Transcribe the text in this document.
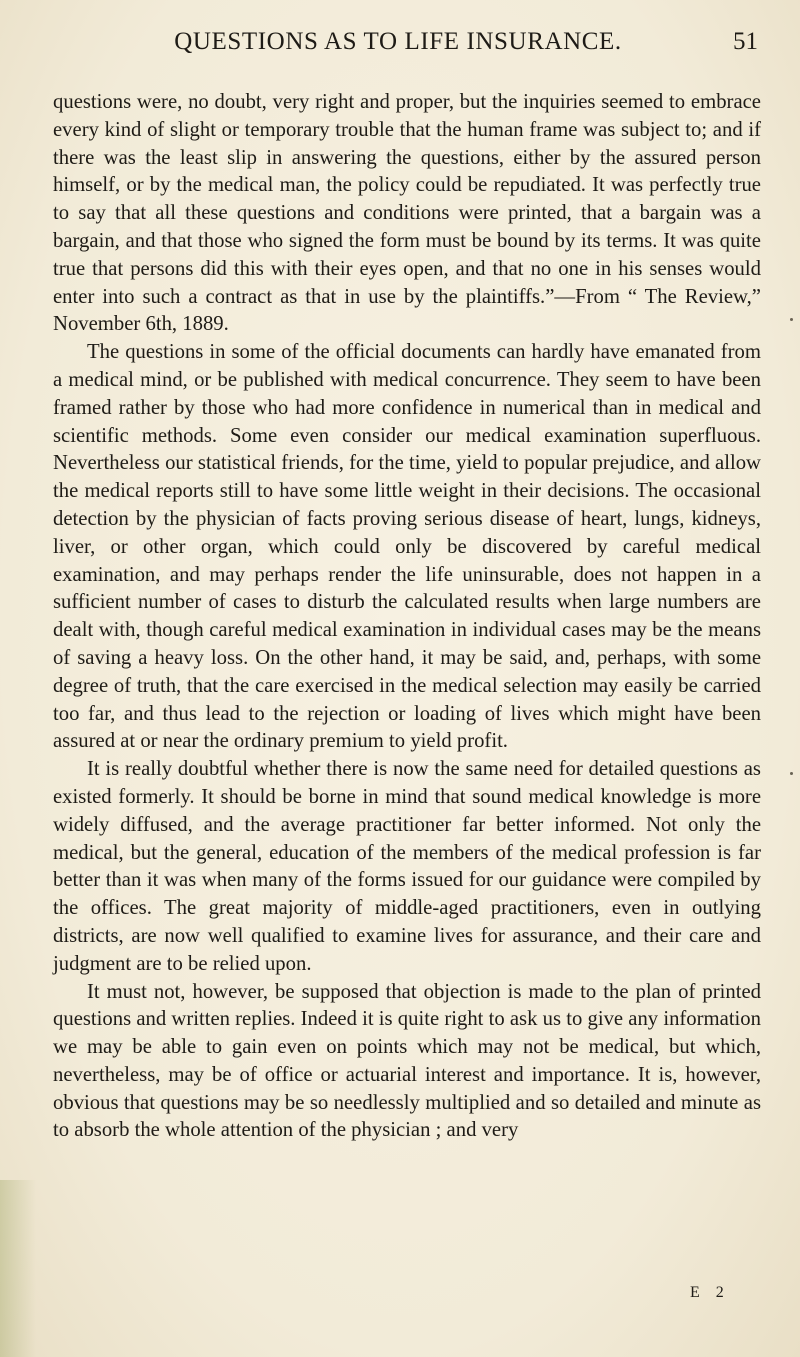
QUESTIONS AS TO LIFE INSURANCE.	51

questions were, no doubt, very right and proper, but the inquiries seemed to embrace every kind of slight or temporary trouble that the human frame was subject to; and if there was the least slip in answering the questions, either by the assured person himself, or by the medical man, the policy could be repudiated. It was perfectly true to say that all these questions and conditions were printed, that a bargain was a bargain, and that those who signed the form must be bound by its terms. It was quite true that persons did this with their eyes open, and that no one in his senses would enter into such a contract as that in use by the plaintiffs.”—From “ The Review,” November 6th, 1889.

The questions in some of the official documents can hardly have emanated from a medical mind, or be published with medical concurrence. They seem to have been framed rather by those who had more confidence in numerical than in medical and scientific methods. Some even consider our medical examination superfluous. Nevertheless our statistical friends, for the time, yield to popular prejudice, and allow the medical reports still to have some little weight in their decisions. The occasional detection by the physician of facts proving serious disease of heart, lungs, kidneys, liver, or other organ, which could only be discovered by careful medical examination, and may perhaps render the life uninsurable, does not happen in a sufficient number of cases to disturb the calculated results when large numbers are dealt with, though careful medical examination in individual cases may be the means of saving a heavy loss. On the other hand, it may be said, and, perhaps, with some degree of truth, that the care exercised in the medical selection may easily be carried too far, and thus lead to the rejection or loading of lives which might have been assured at or near the ordinary premium to yield profit.

It is really doubtful whether there is now the same need for detailed questions as existed formerly. It should be borne in mind that sound medical knowledge is more widely diffused, and the average practitioner far better informed. Not only the medical, but the general, education of the members of the medical profession is far better than it was when many of the forms issued for our guidance were compiled by the offices. The great majority of middle-aged practitioners, even in outlying districts, are now well qualified to examine lives for assurance, and their care and judgment are to be relied upon.

It must not, however, be supposed that objection is made to the plan of printed questions and written replies. Indeed it is quite right to ask us to give any information we may be able to gain even on points which may not be medical, but which, nevertheless, may be of office or actuarial interest and importance. It is, however, obvious that questions may be so needlessly multiplied and so detailed and minute as to absorb the whole attention of the physician ; and very

E 2
